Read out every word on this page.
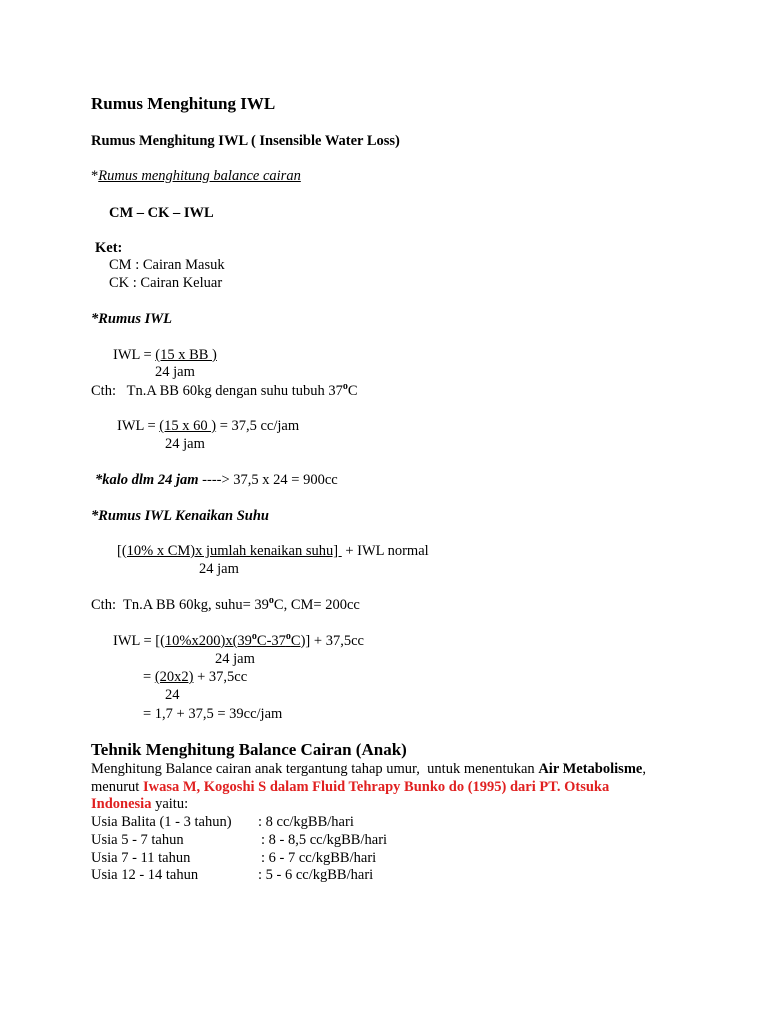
Rumus Menghitung IWL
Rumus Menghitung IWL ( Insensible Water Loss)
*Rumus menghitung balance cairan
CM – CK – IWL
Ket:
CM : Cairan Masuk
CK : Cairan Keluar
*Rumus IWL
IWL = (15 x BB )
24 jam
Cth:   Tn.A BB 60kg dengan suhu tubuh 37$^o$C
IWL = (15 x 60 ) = 37,5 cc/jam
24 jam
*kalo dlm 24 jam ----> 37,5 x 24 = 900cc
*Rumus IWL Kenaikan Suhu
[(10% x CM)x jumlah kenaikan suhu]  + IWL normal
24 jam
Cth:  Tn.A BB 60kg, suhu= $39^oC$, CM= 200cc
IWL = $[(10\%x200)x(39^oC-37^oC)] + 37,5cc$
24 jam
= (20x2) + 37,5cc
24
= 1,7 + 37,5 = 39cc/jam
Tehnik Menghitung Balance Cairan (Anak)
Menghitung Balance cairan anak tergantung tahap umur,  untuk menentukan Air Metabolisme,
menurut Iwasa M, Kogoshi S dalam Fluid Tehrapy Bunko do (1995) dari PT. Otsuka
Indonesia yaitu:
Usia Balita (1 - 3 tahun) : 8 cc/kgBB/hari
Usia 5 - 7 tahun	: 8 - 8,5 cc/kgBB/hari
Usia 7 - 11 tahun	: 6 - 7 cc/kgBB/hari
Usia 12 - 14 tahun	: 5 - 6 cc/kgBB/hari
